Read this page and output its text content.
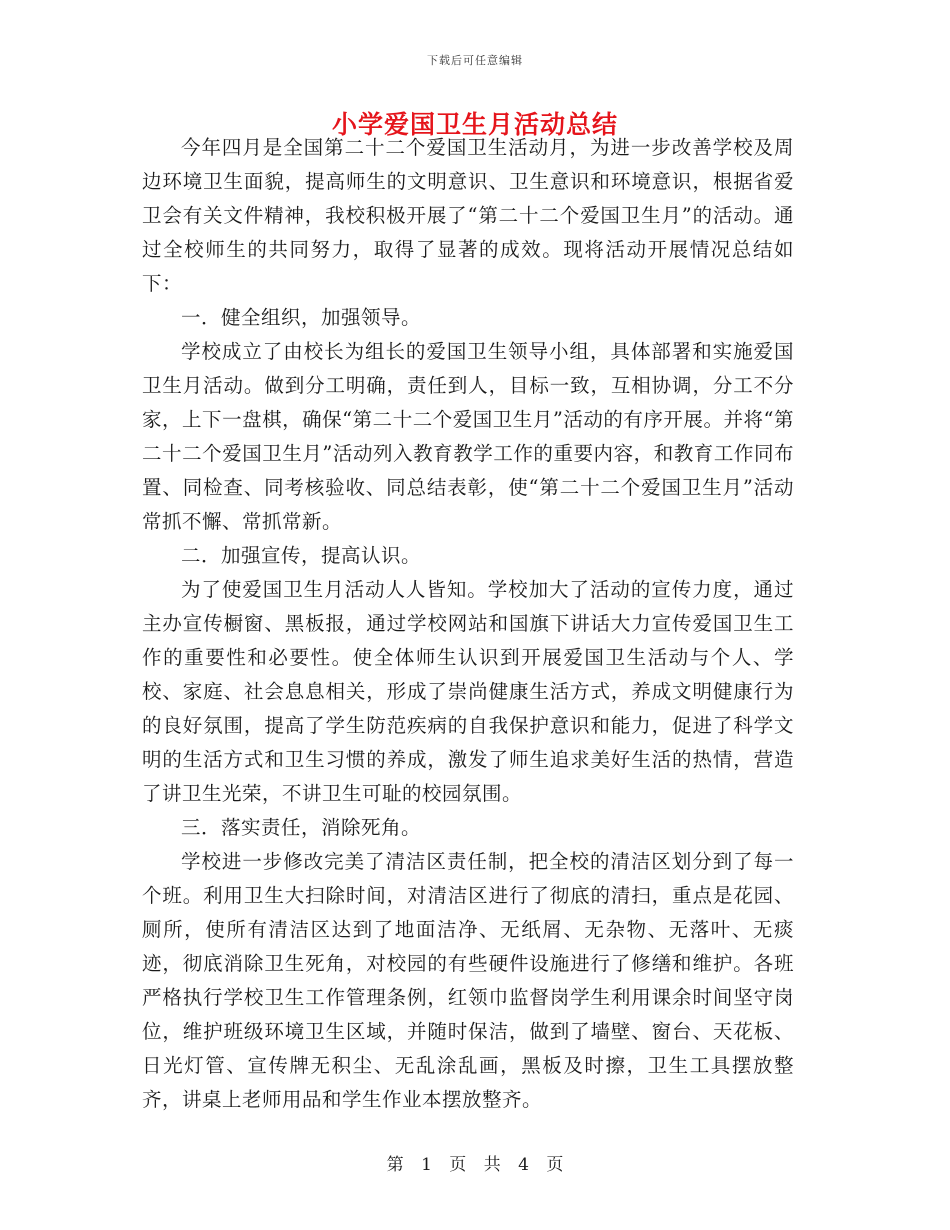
下载后可任意编辑
小学爱国卫生月活动总结

今年四月是全国第二十二个爱国卫生活动月，为进一步改善学校及周边环境卫生面貌，提高师生的文明意识、卫生意识和环境意识，根据省爱卫会有关文件精神，我校积极开展了“第二十二个爱国卫生月”的活动。通过全校师生的共同努力，取得了显著的成效。现将活动开展情况总结如下：

一．健全组织，加强领导。

学校成立了由校长为组长的爱国卫生领导小组，具体部署和实施爱国卫生月活动。做到分工明确，责任到人，目标一致，互相协调，分工不分家，上下一盘棋，确保“第二十二个爱国卫生月”活动的有序开展。并将“第二十二个爱国卫生月”活动列入教育教学工作的重要内容，和教育工作同布置、同检查、同考核验收、同总结表彰，使“第二十二个爱国卫生月”活动常抓不懈、常抓常新。

二．加强宣传，提高认识。

为了使爱国卫生月活动人人皆知。学校加大了活动的宣传力度，通过主办宣传橱窗、黑板报，通过学校网站和国旗下讲话大力宣传爱国卫生工作的重要性和必要性。使全体师生认识到开展爱国卫生活动与个人、学校、家庭、社会息息相关，形成了崇尚健康生活方式，养成文明健康行为的良好氛围，提高了学生防范疾病的自我保护意识和能力，促进了科学文明的生活方式和卫生习惯的养成，激发了师生追求美好生活的热情，营造了讲卫生光荣，不讲卫生可耻的校园氛围。

三．落实责任，消除死角。

学校进一步修改完美了清洁区责任制，把全校的清洁区划分到了每一个班。利用卫生大扫除时间，对清洁区进行了彻底的清扫，重点是花园、厕所，使所有清洁区达到了地面洁净、无纸屑、无杂物、无落叶、无痰迹，彻底消除卫生死角，对校园的有些硬件设施进行了修缮和维护。各班严格执行学校卫生工作管理条例，红领巾监督岗学生利用课余时间坚守岗位，维护班级环境卫生区域，并随时保洁，做到了墙壁、窗台、天花板、日光灯管、宣传牌无积尘、无乱涂乱画，黑板及时擦，卫生工具摆放整齐，讲桌上老师用品和学生作业本摆放整齐。

第 1 页 共 4 页
